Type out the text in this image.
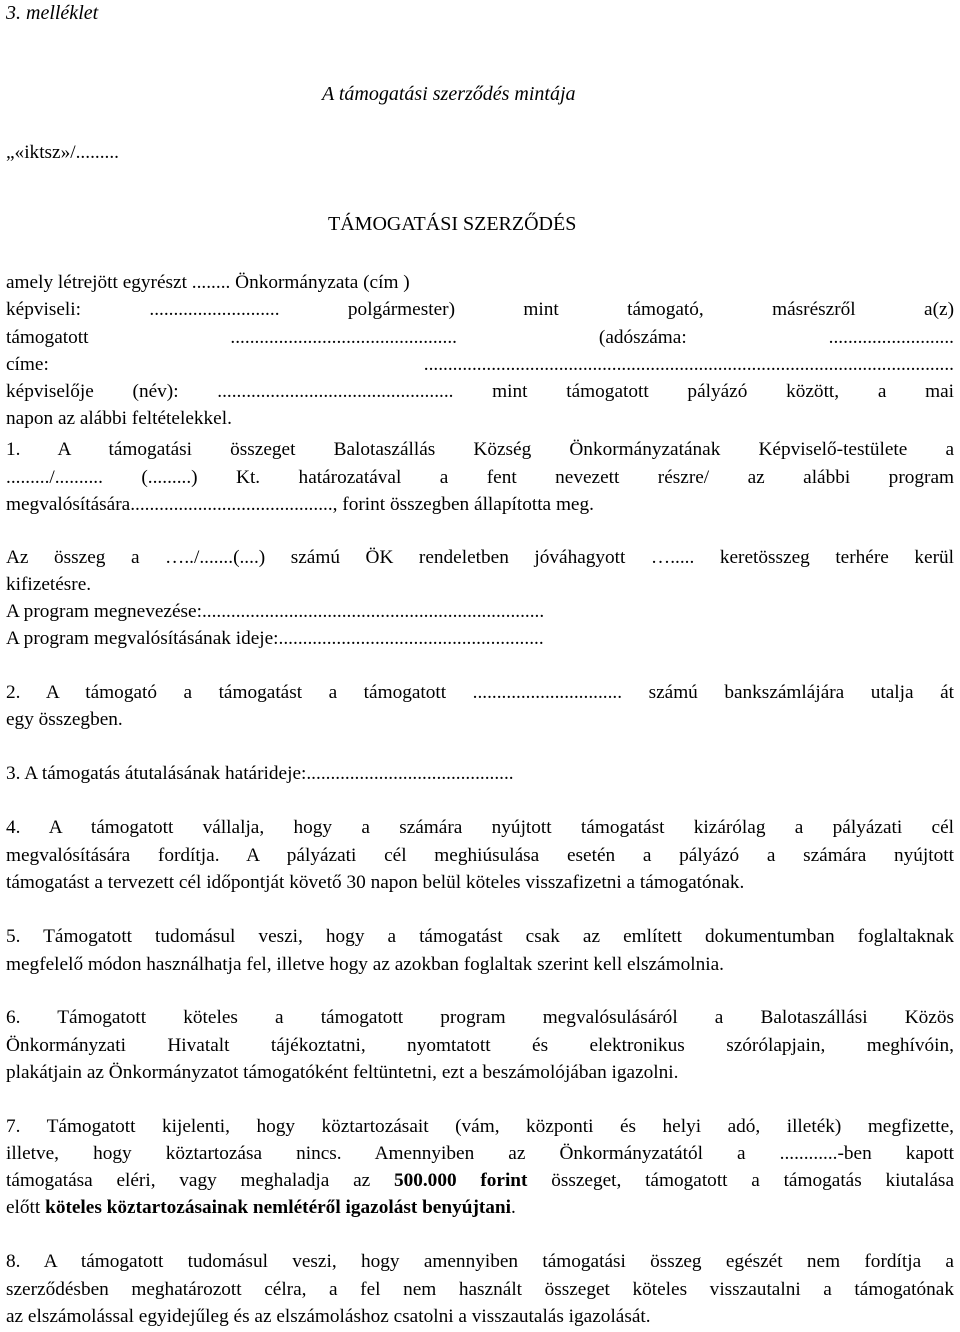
3. melléklet
A támogatási szerződés mintája
„«iktsz»/.........
TÁMOGATÁSI SZERZŐDÉS
amely létrejött egyrészt ........ Önkormányzata (cím )
képviseli: ........................... polgármester) mint támogató, másrészről a(z)
támogatott ............................................... (adószáma: ..........................
címe: ..............................................................................................................
képviselője (név): ................................................. mint támogatott pályázó között, a mai
napon az alábbi feltételekkel.
1. A támogatási összeget Balotaszállás Község Önkormányzatának Képviselő-testülete a
........./.......... (.........) Kt. határozatával a fent nevezett részre/ az alábbi program
megvalósítására.........................................., forint összegben állapította meg.
Az összeg a …../.......(....) számú ÖK rendeletben jóváhagyott …..... keretösszeg terhére kerül
kifizetésre.
A program megnevezése:.......................................................................
A program megvalósításának ideje:.......................................................
2. A támogató a támogatást a támogatott ............................... számú bankszámlájára utalja át
egy összegben.
3. A támogatás átutalásának határideje:...........................................
4. A támogatott vállalja, hogy a számára nyújtott támogatást kizárólag a pályázati cél
megvalósítására fordítja. A pályázati cél meghiúsulása esetén a pályázó a számára nyújtott
támogatást a tervezett cél időpontját követő 30 napon belül köteles visszafizetni a támogatónak.
5. Támogatott tudomásul veszi, hogy a támogatást csak az említett dokumentumban foglaltaknak
megfelelő módon használhatja fel, illetve hogy az azokban foglaltak szerint kell elszámolnia.
6. Támogatott köteles a támogatott program megvalósulásáról a Balotaszállási Közös
Önkormányzati Hivatalt tájékoztatni, nyomtatott és elektronikus szórólapjain, meghívóin,
plakátjain az Önkormányzatot támogatóként feltüntetni, ezt a beszámolójában igazolni.
7. Támogatott kijelenti, hogy köztartozásait (vám, központi és helyi adó, illeték) megfizette,
illetve, hogy köztartozása nincs. Amennyiben az Önkormányzatától a ............-ben kapott
támogatása eléri, vagy meghaladja az 500.000 forint összeget, támogatott a támogatás kiutalása
előtt köteles köztartozásainak nemlétéről igazolást benyújtani.
8. A támogatott tudomásul veszi, hogy amennyiben támogatási összeg egészét nem fordítja a
szerződésben meghatározott célra, a fel nem használt összeget köteles visszautalni a támogatónak
az elszámolással egyidejűleg és az elszámoláshoz csatolni a visszautalás igazolását.
